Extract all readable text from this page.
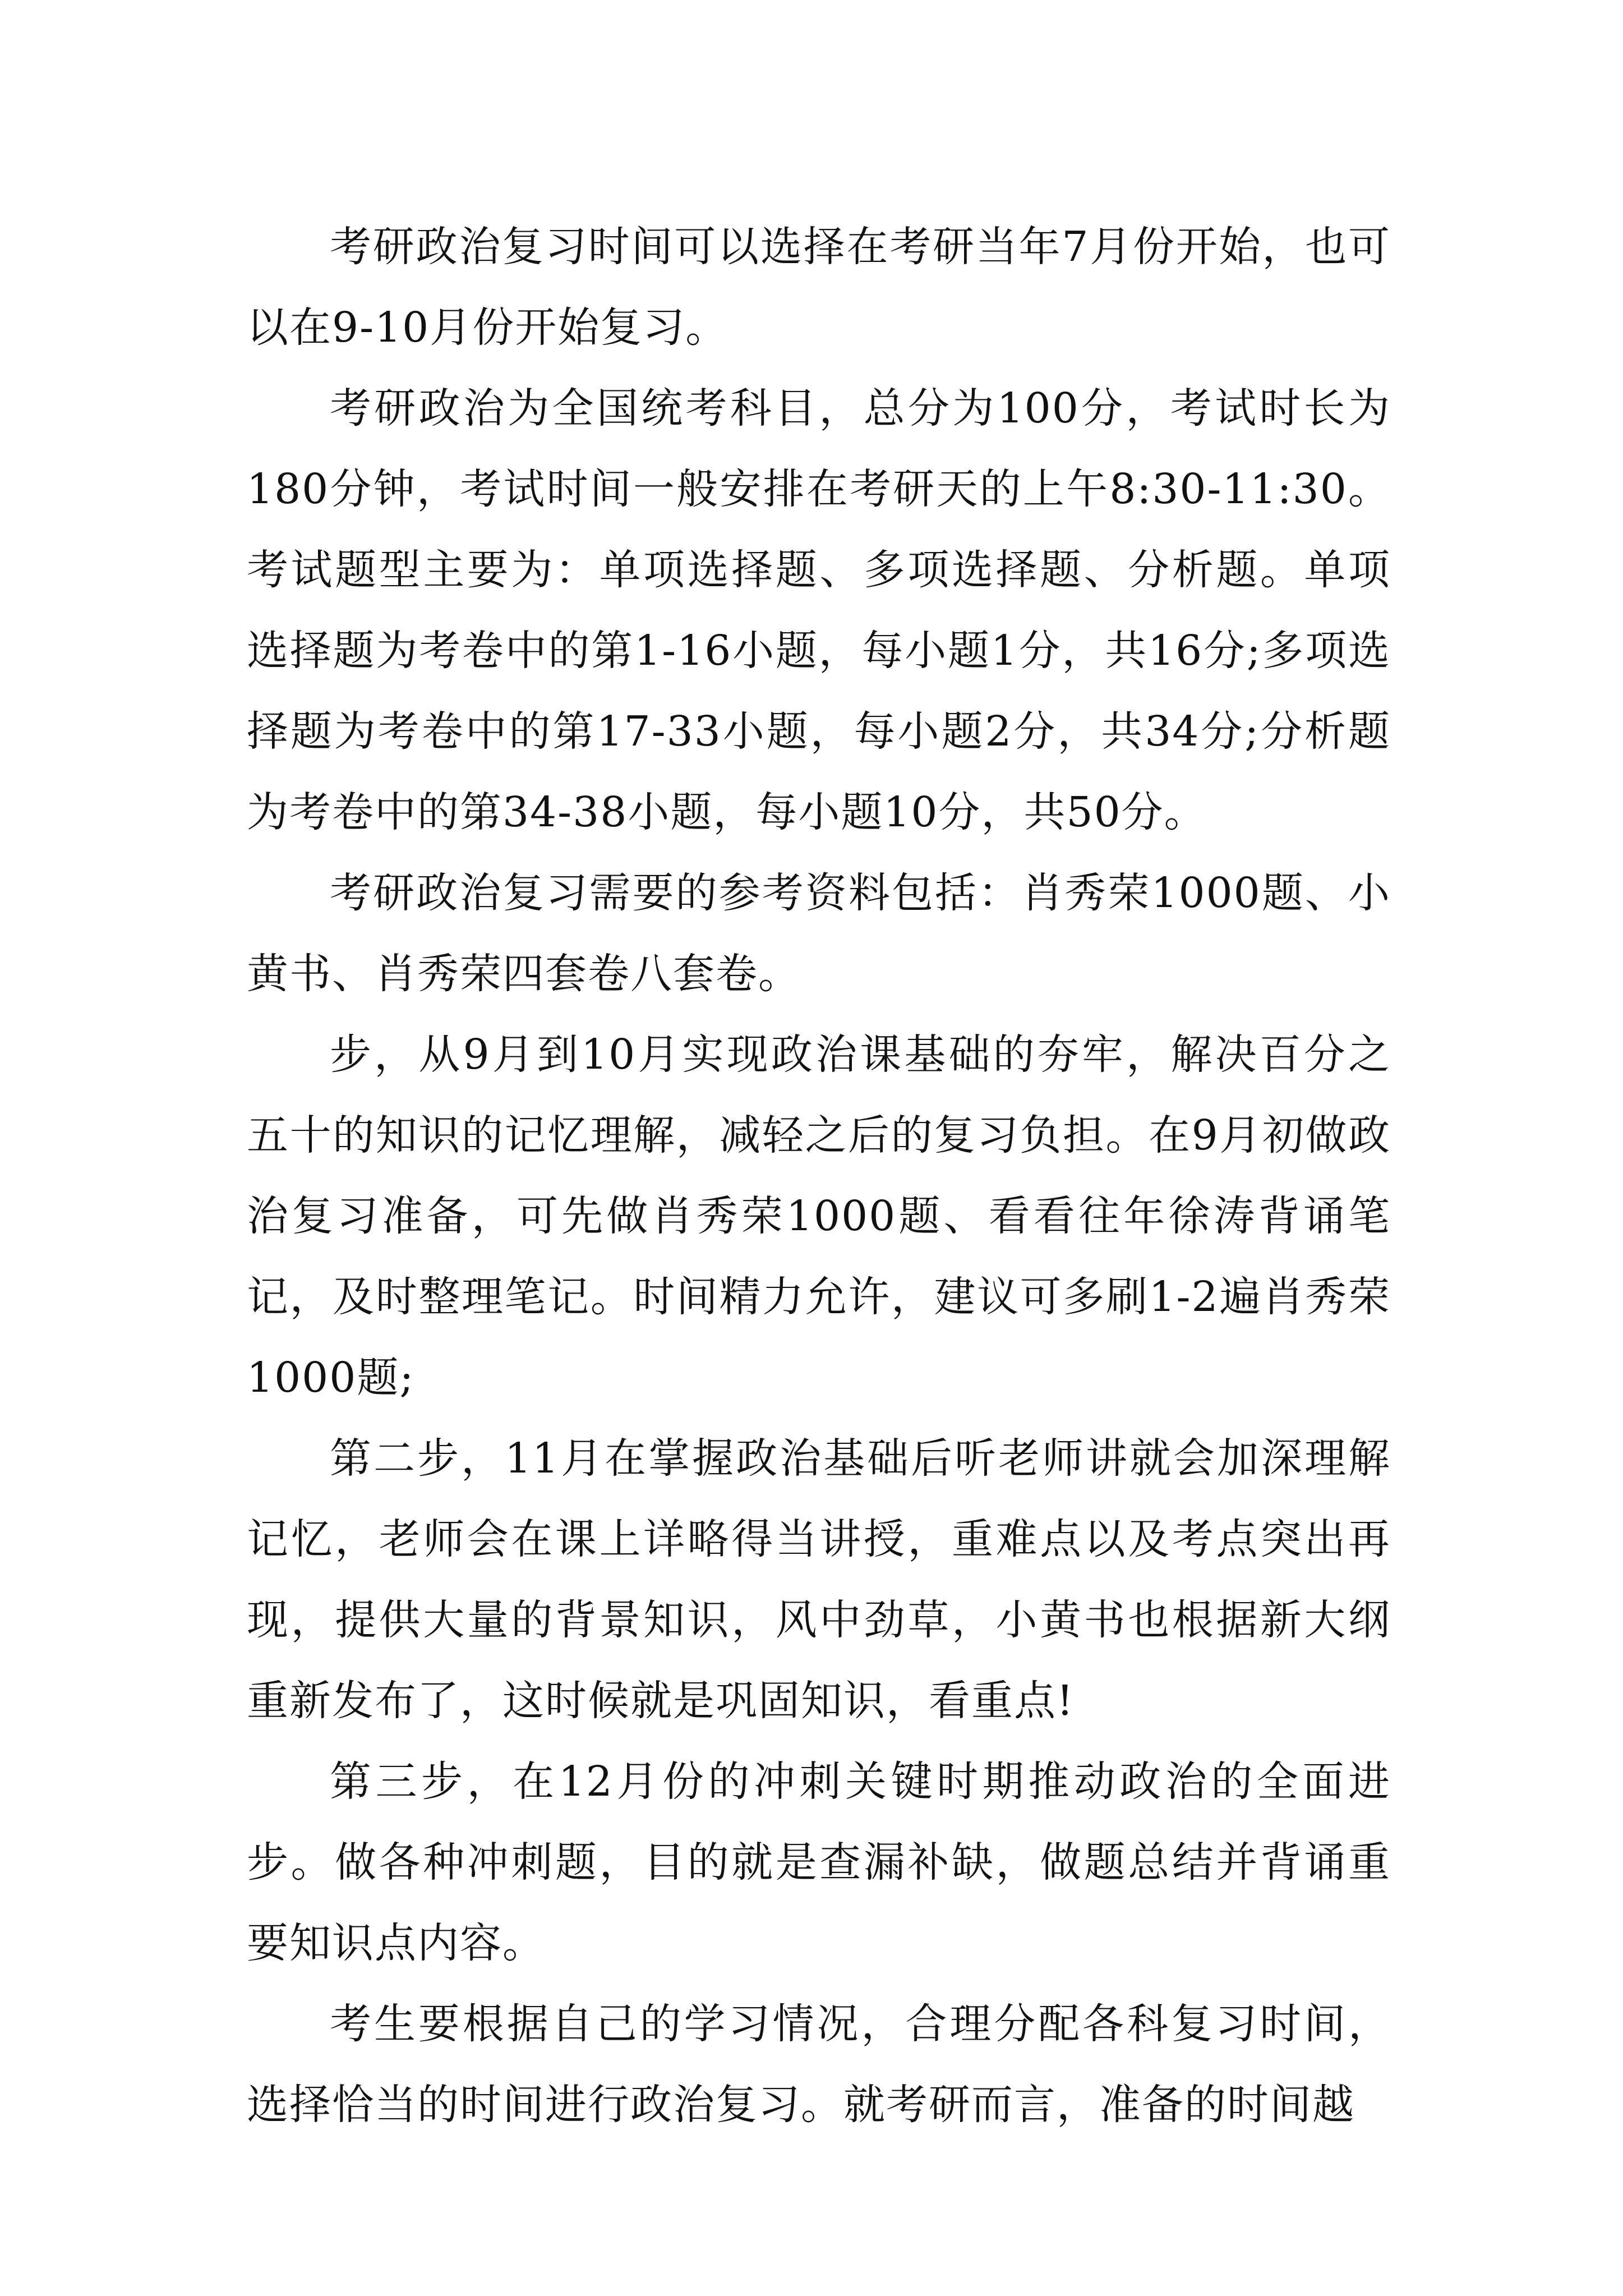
考研政治复习时间可以选择在考研当年7月份开始，也可以在9-10月份开始复习。

考研政治为全国统考科目，总分为100分，考试时长为180分钟，考试时间一般安排在考研天的上午8:30-11:30。考试题型主要为：单项选择题、多项选择题、分析题。单项选择题为考卷中的第1-16小题，每小题1分，共16分;多项选择题为考卷中的第17-33小题，每小题2分，共34分;分析题为考卷中的第34-38小题，每小题10分，共50分。

考研政治复习需要的参考资料包括：肖秀荣1000题、小黄书、肖秀荣四套卷八套卷。

步，从9月到10月实现政治课基础的夯牢，解决百分之五十的知识的记忆理解，减轻之后的复习负担。在9月初做政治复习准备，可先做肖秀荣1000题、看看往年徐涛背诵笔记，及时整理笔记。时间精力允许，建议可多刷1-2遍肖秀荣1000题;

第二步，11月在掌握政治基础后听老师讲就会加深理解记忆，老师会在课上详略得当讲授，重难点以及考点突出再现，提供大量的背景知识，风中劲草，小黄书也根据新大纲重新发布了，这时候就是巩固知识，看重点!

第三步，在12月份的冲刺关键时期推动政治的全面进步。做各种冲刺题，目的就是查漏补缺，做题总结并背诵重要知识点内容。

考生要根据自己的学习情况，合理分配各科复习时间，选择恰当的时间进行政治复习。就考研而言，准备的时间越
